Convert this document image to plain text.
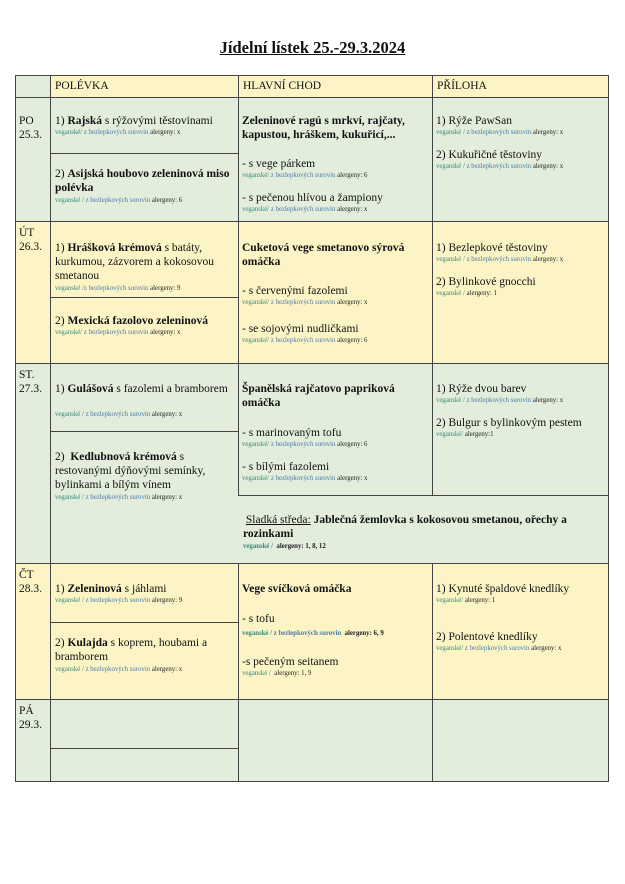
Jídelní lístek 25.-29.3.2024
POLÉVKA	HLAVNÍ CHOD	PŘÍLOHA
PO
25.3.
1) Rajská s rýžovými těstovinami
veganské/ z bezlepkových surovin alergeny: x
2) Asijská houbovo zeleninová miso polévka
veganské / z bezlepkových surovin alergeny: 6
Zeleninové ragú s mrkví, rajčaty, kapustou, hráškem, kukuřicí,...
- s vege párkem
veganské/ z bezlepkových surovin alergeny: 6
- s pečenou hlívou a žampiony
veganské/ z bezlepkových surovin alergeny: x
1) Rýže PawSan
veganské / z bezlepkových surovin alergeny: x
2) Kukuřičné těstoviny
veganské / z bezlepkových surovin alergeny: x
ÚT
26.3. 1) Hrášková krémová s batáty, kurkumou, zázvorem a kokosovou smetanou
veganské /z bezlepkových surovin alergeny: 9
2) Mexická fazolovo zeleninová
veganské/ z bezlepkových surovin alergeny: x
Cuketová vege smetanovo sýrová omáčka
- s červenými fazolemi
veganské/ z bezlepkových surovin alergeny: x
- se sojovými nudličkami
veganské/ z bezlepkových surovin alergeny: 6
1) Bezlepkové těstoviny
veganské / z bezlepkových surovin alergeny: x
2) Bylinkové gnocchi
veganské / alergeny: 1
ST.
27.3. 1) Gulášová s fazolemi a bramborem
veganské / z bezlepkových surovin alergeny: x
2) Kedlubnová krémová s restovanými dýňovými semínky, bylinkami a bílým vínem
veganské / z bezlepkových surovin alergeny: x
Španělská rajčatovo papriková omáčka
- s marinovaným tofu
veganské/ z bezlepkových surovin alergeny: 6
- s bílými fazolemi
veganské/ z bezlepkových surovin alergeny: x
1) Rýže dvou barev
veganské / z bezlepkových surovin alergeny: x
2) Bulgur s bylinkovým pestem
veganské/ alergeny:1
Sladká středa: Jablečná žemlovka s kokosovou smetanou, ořechy a rozinkami
veganské / alergeny: 1, 8, 12
ČT
28.3. 1) Zeleninová s jáhlami
veganské / z bezlepkových surovin alergeny: 9
2) Kulajda s koprem, houbami a bramborem
veganské / z bezlepkových surovin alergeny: x
Vege svíčková omáčka
- s tofu
veganské / z bezlepkových surovin alergeny: 6, 9
-s pečeným seitanem
veganské / alergeny: 1, 9
1) Kynuté špaldové knedlíky
veganské/ alergeny: 1
2) Polentové knedlíky
veganské/ z bezlepkových surovin alergeny: x
PÁ
29.3.
